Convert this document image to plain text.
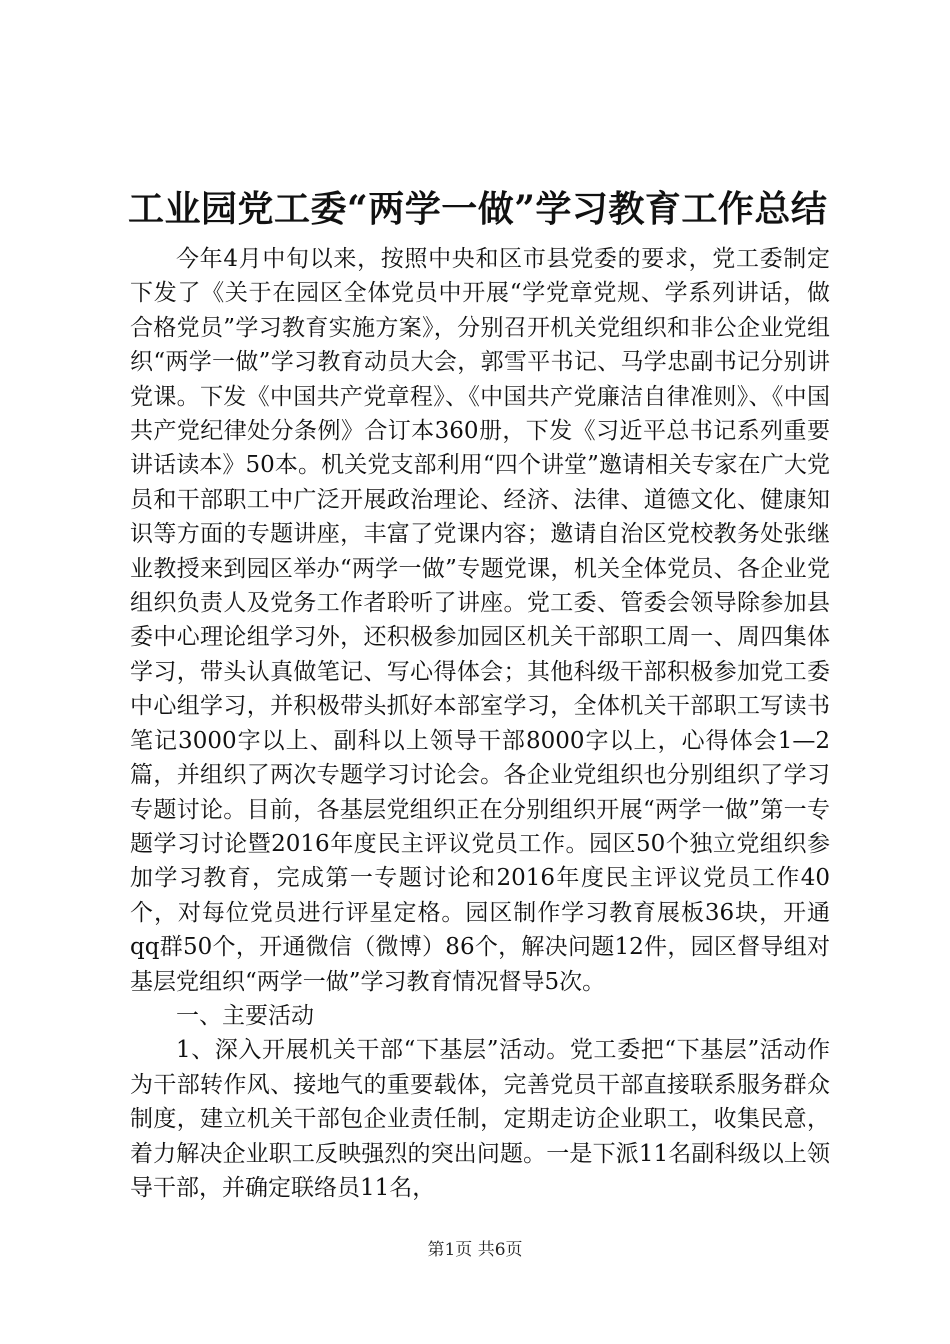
工业园党工委“两学一做”学习教育工作总结

今年4月中旬以来，按照中央和区市县党委的要求，党工委制定下发了《关于在园区全体党员中开展“学党章党规、学系列讲话，做合格党员”学习教育实施方案》，分别召开机关党组织和非公企业党组织“两学一做”学习教育动员大会，郭雪平书记、马学忠副书记分别讲党课。下发《中国共产党章程》、《中国共产党廉洁自律准则》、《中国共产党纪律处分条例》合订本360册，下发《习近平总书记系列重要讲话读本》50本。机关党支部利用“四个讲堂”邀请相关专家在广大党员和干部职工中广泛开展政治理论、经济、法律、道德文化、健康知识等方面的专题讲座，丰富了党课内容；邀请自治区党校教务处张继业教授来到园区举办“两学一做”专题党课，机关全体党员、各企业党组织负责人及党务工作者聆听了讲座。党工委、管委会领导除参加县委中心理论组学习外，还积极参加园区机关干部职工周一、周四集体学习，带头认真做笔记、写心得体会；其他科级干部积极参加党工委中心组学习，并积极带头抓好本部室学习，全体机关干部职工写读书笔记3000字以上、副科以上领导干部8000字以上，心得体会1—2篇，并组织了两次专题学习讨论会。各企业党组织也分别组织了学习专题讨论。目前，各基层党组织正在分别组织开展“两学一做”第一专题学习讨论暨2016年度民主评议党员工作。园区50个独立党组织参加学习教育，完成第一专题讨论和2016年度民主评议党员工作40个，对每位党员进行评星定格。园区制作学习教育展板36块，开通qq群50个，开通微信（微博）86个，解决问题12件，园区督导组对基层党组织“两学一做”学习教育情况督导5次。

一、主要活动

1、深入开展机关干部“下基层”活动。党工委把“下基层”活动作为干部转作风、接地气的重要载体，完善党员干部直接联系服务群众制度，建立机关干部包企业责任制，定期走访企业职工，收集民意，着力解决企业职工反映强烈的突出问题。一是下派11名副科级以上领导干部，并确定联络员11名，

第1页 共6页
